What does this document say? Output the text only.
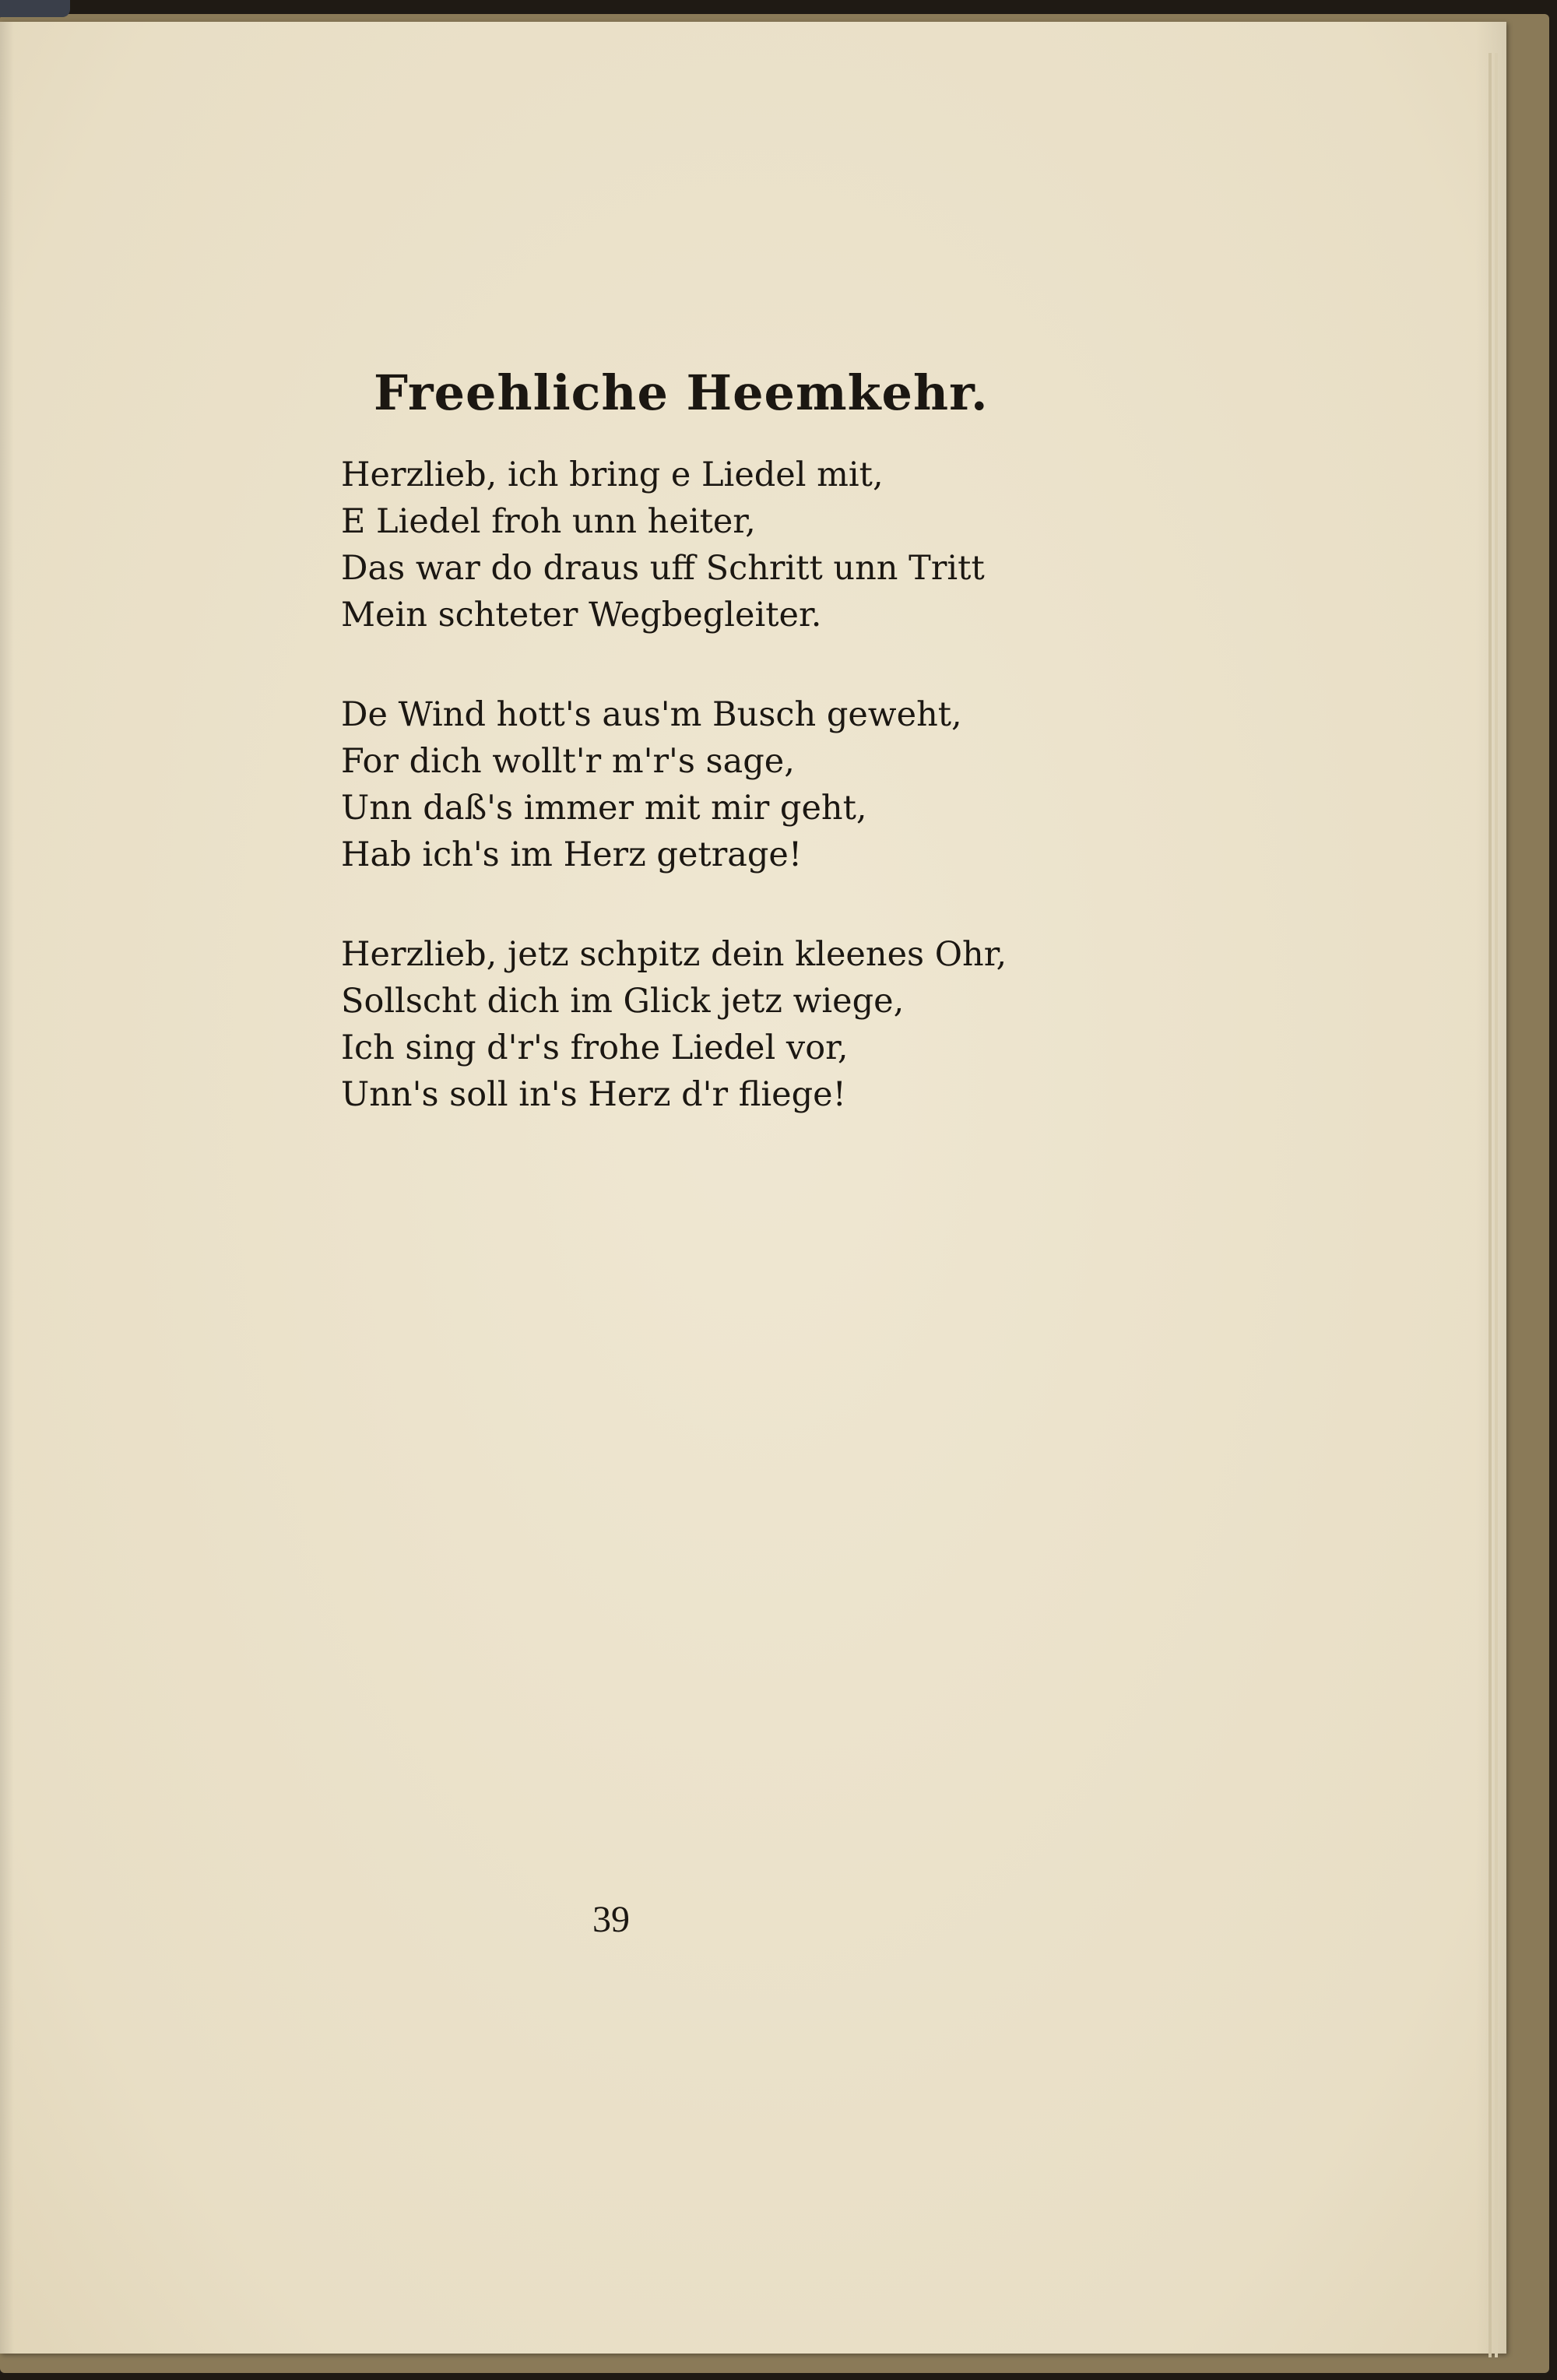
Freehliche Heemkehr.
Herzlieb, ich bring e Liedel mit,
E Liedel froh unn heiter,
Das war do draus uff Schritt unn Tritt
Mein schteter Wegbegleiter.
De Wind hott's aus'm Busch geweht,
For dich wollt'r m'r's sage,
Unn daß's immer mit mir geht,
Hab ich's im Herz getrage!
Herzlieb, jetz schpitz dein kleenes Ohr,
Sollscht dich im Glick jetz wiege,
Ich sing d'r's frohe Liedel vor,
Unn's soll in's Herz d'r fliege!
39
